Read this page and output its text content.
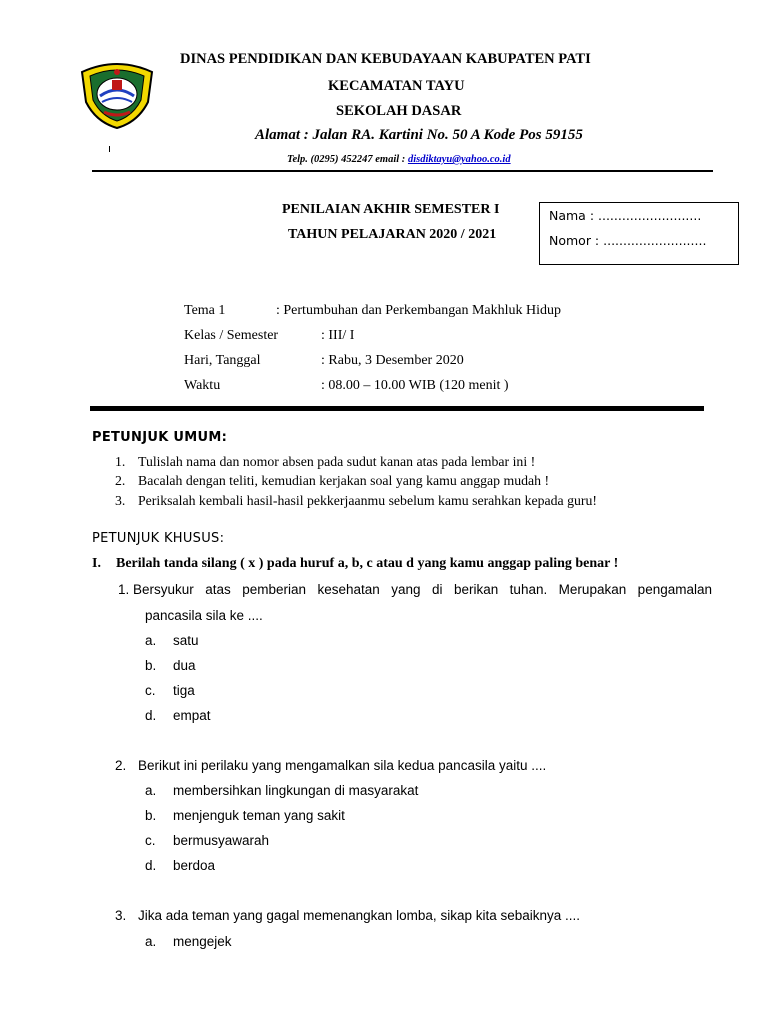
DINAS PENDIDIKAN DAN KEBUDAYAAN KABUPATEN PATI
KECAMATAN TAYU
SEKOLAH DASAR
Alamat : Jalan RA. Kartini No. 50 A Kode Pos 59155
Telp. (0295) 452247 email : disdiktayu@yahoo.co.id
PENILAIAN AKHIR SEMESTER I
TAHUN PELAJARAN 2020 / 2021
Nama : ..........................
Nomor : ..........................
Tema 1	: Pertumbuhan dan Perkembangan Makhluk Hidup
Kelas / Semester	: III/ I
Hari, Tanggal	: Rabu, 3 Desember 2020
Waktu	: 08.00 – 10.00 WIB (120 menit )
PETUNJUK UMUM:
1. Tulislah nama dan nomor absen pada sudut kanan atas pada lembar ini !
2. Bacalah dengan teliti, kemudian kerjakan soal yang kamu anggap mudah !
3. Periksalah kembali hasil-hasil pekkerjaanmu sebelum kamu serahkan kepada guru!
PETUNJUK KHUSUS:
I. Berilah tanda silang ( x ) pada huruf a, b, c atau d yang kamu anggap paling benar !
1. Bersyukur atas pemberian kesehatan yang di berikan tuhan. Merupakan pengamalan
pancasila sila ke ....
a. satu
b. dua
c. tiga
d. empat
2. Berikut ini perilaku yang mengamalkan sila kedua pancasila yaitu ....
a. membersihkan lingkungan di masyarakat
b. menjenguk teman yang sakit
c. bermusyawarah
d. berdoa
3. Jika ada teman yang gagal memenangkan lomba, sikap kita sebaiknya ....
a. mengejek
